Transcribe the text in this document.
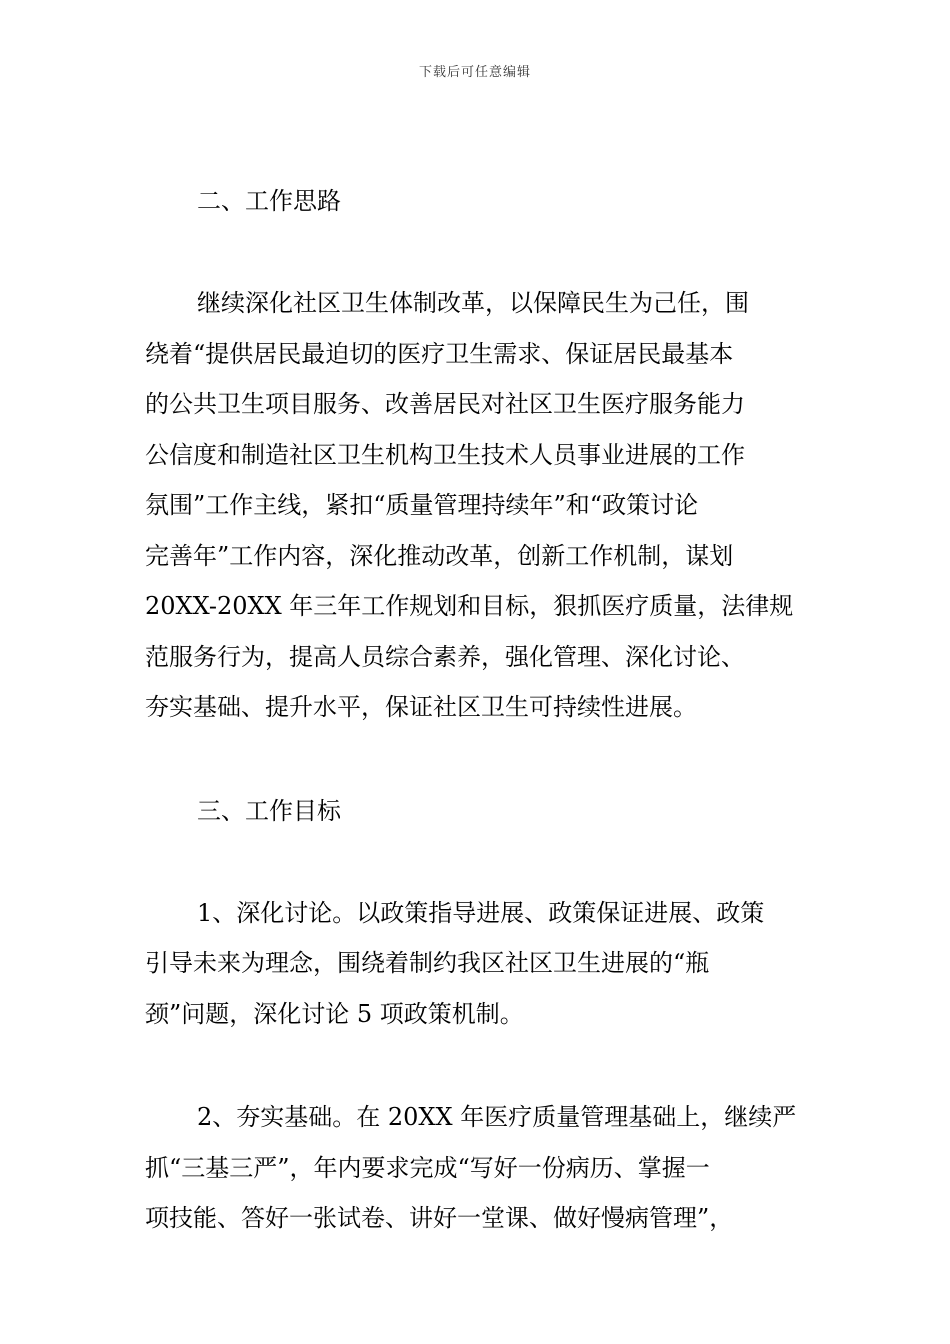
下载后可任意编辑
二、工作思路

继续深化社区卫生体制改革，以保障民生为己任，围
绕着“提供居民最迫切的医疗卫生需求、保证居民最基本
的公共卫生项目服务、改善居民对社区卫生医疗服务能力
公信度和制造社区卫生机构卫生技术人员事业进展的工作
氛围”工作主线，紧扣“质量管理持续年”和“政策讨论
完善年”工作内容，深化推动改革，创新工作机制，谋划
20XX-20XX 年三年工作规划和目标，狠抓医疗质量，法律规
范服务行为，提高人员综合素养，强化管理、深化讨论、
夯实基础、提升水平，保证社区卫生可持续性进展。

三、工作目标

1、深化讨论。以政策指导进展、政策保证进展、政策
引导未来为理念，围绕着制约我区社区卫生进展的“瓶
颈”问题，深化讨论 5 项政策机制。

2、夯实基础。在 20XX 年医疗质量管理基础上，继续严
抓“三基三严”，年内要求完成“写好一份病历、掌握一
项技能、答好一张试卷、讲好一堂课、做好慢病管理”，
